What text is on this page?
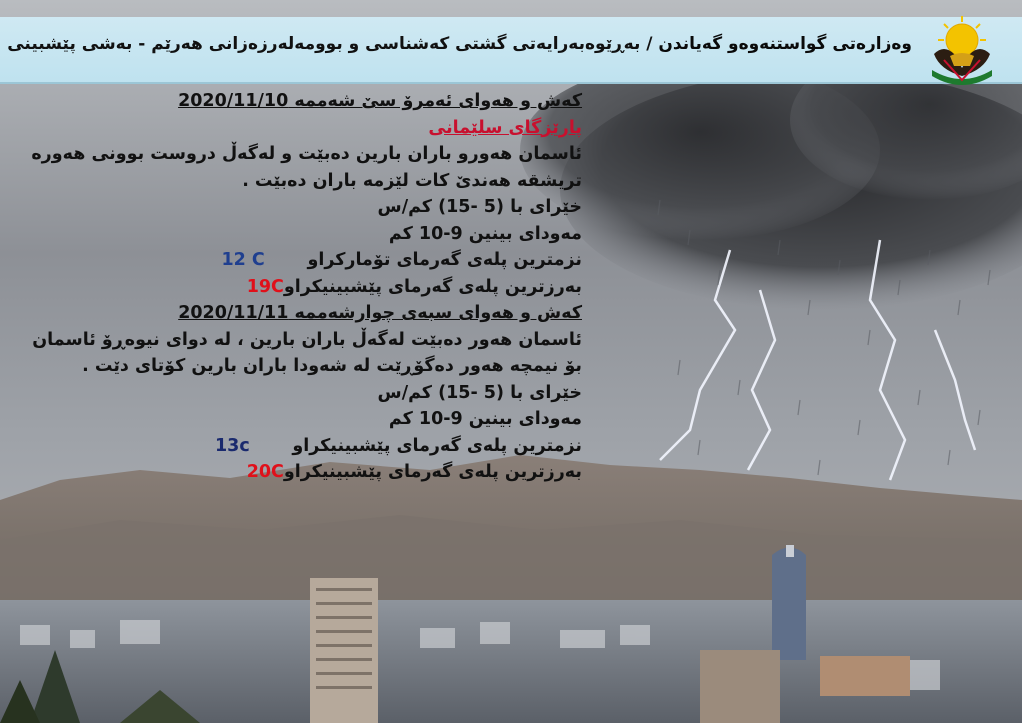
وەزارەتی گواستنەوەو گەیاندن / بەڕێوەبەرایەتی گشتی کەشناسی و بوومەلەرزەزانی هەرێم - بەشی پێشبینی

کەش و هەوای ئەمرۆ سێ شەممە 2020/11/10

پارێزگای سلێمانی

ئاسمان هەورو باران بارین دەبێت و لەگەڵ دروست بوونی هەورە تریشقە هەندێ کات لێزمە باران دەبێت .

خێرای با (5 -15) کم/س

مەودای بینین 9-10 کم

نزمترین پلەی گەرمای تۆمارکراو       12 C

بەرزترین پلەی گەرمای پێشبینیکراو19C

کەش و هەوای سبەی چوارشەممە 2020/11/11

ئاسمان هەور دەبێت لەگەڵ باران بارین ، لە دوای نیوەڕۆ ئاسمان بۆ نیمچە هەور دەگۆڕێت لە شەودا باران بارین کۆتای دێت .

خێرای با (5 -15) کم/س

مەودای بینین 9-10 کم

نزمترین پلەی گەرمای پێشبینیکراو       13c

بەرزترین پلەی گەرمای پێشبینیکراو20C
